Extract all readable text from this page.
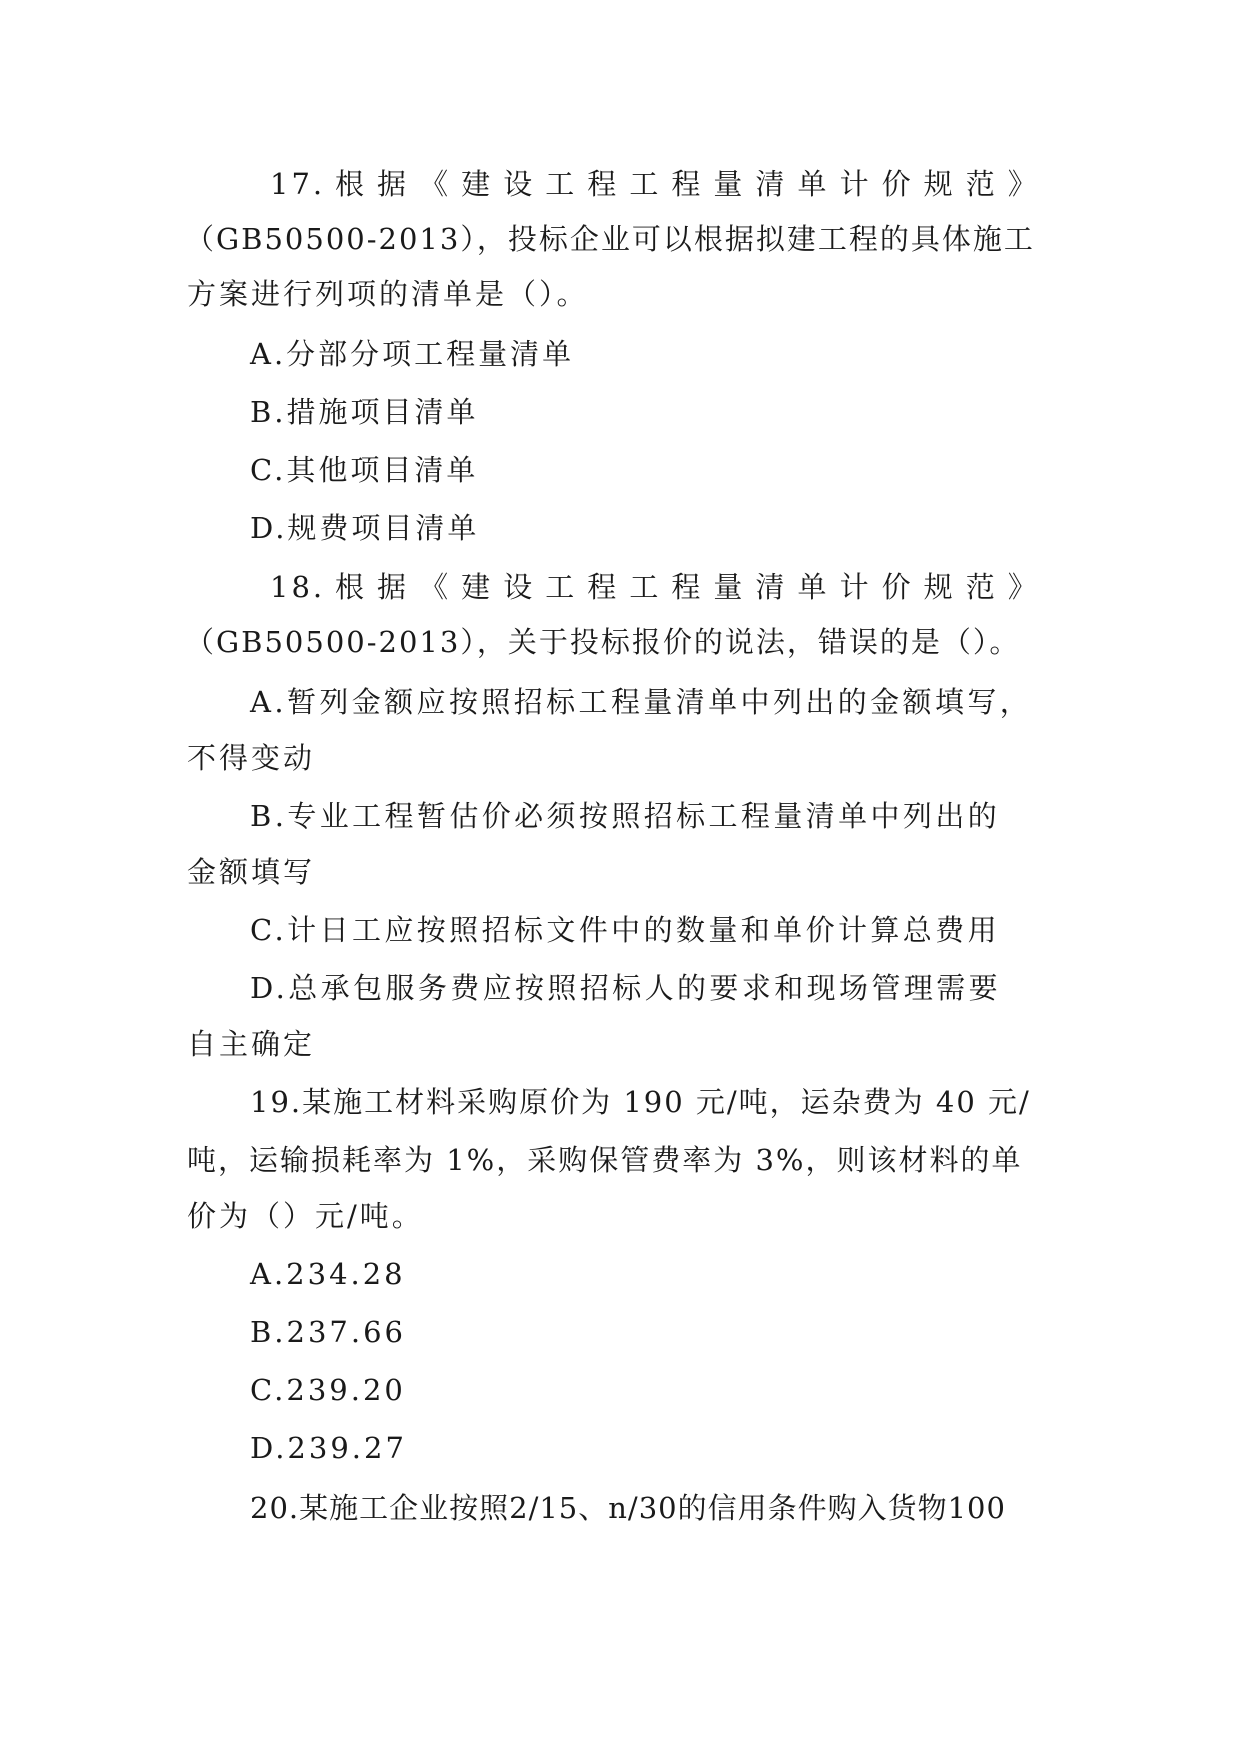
17. 根 据 《 建 设 工 程 工 程 量 清 单 计 价 规 范 》
（GB50500-2013），投标企业可以根据拟建工程的具体施工
方案进行列项的清单是（）。
A.分部分项工程量清单
B.措施项目清单
C.其他项目清单
D.规费项目清单
18. 根 据 《 建 设 工 程 工 程 量 清 单 计 价 规 范 》
（GB50500-2013），关于投标报价的说法，错误的是（）。
A.暂列金额应按照招标工程量清单中列出的金额填写，
不得变动
B.专业工程暂估价必须按照招标工程量清单中列出的
金额填写
C.计日工应按照招标文件中的数量和单价计算总费用
D.总承包服务费应按照招标人的要求和现场管理需要
自主确定
19.某施工材料采购原价为 190 元/吨，运杂费为 40 元/
吨，运输损耗率为 1%，采购保管费率为 3%，则该材料的单
价为（）元/吨。
A.234.28
B.237.66
C.239.20
D.239.27
20.某施工企业按照2/15、n/30的信用条件购入货物100
